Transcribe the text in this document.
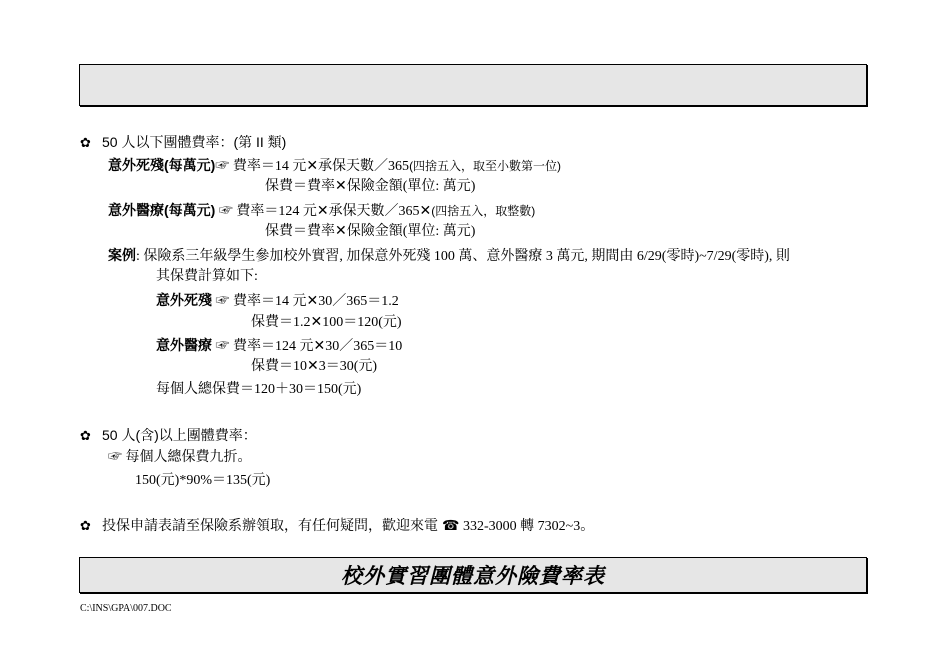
✿ 50 人以下團體費率：(第 II 類)
意外死殘(每萬元)☞ 費率＝14 元✕承保天數／365(四捨五入，取至小數第一位)
保費＝費率✕保險金額(單位: 萬元)
意外醫療(每萬元) ☞ 費率＝124 元✕承保天數／365✕(四捨五入，取整數)
保費＝費率✕保險金額(單位: 萬元)
案例: 保險系三年級學生參加校外實習, 加保意外死殘 100 萬、意外醫療 3 萬元, 期間由 6/29(零時)~7/29(零時), 則
其保費計算如下:
意外死殘 ☞ 費率＝14 元✕30／365＝1.2
保費＝1.2✕100＝120(元)
意外醫療 ☞ 費率＝124 元✕30／365＝10
保費＝10✕3＝30(元)
每個人總保費＝120＋30＝150(元)
✿ 50 人(含)以上團體費率：
☞ 每個人總保費九折。
150(元)*90%＝135(元)
✿ 投保申請表請至保險系辦領取，有任何疑問，歡迎來電 ☎ 332-3000 轉 7302~3。
校外實習團體意外險費率表
C:\INS\GPA\007.DOC
